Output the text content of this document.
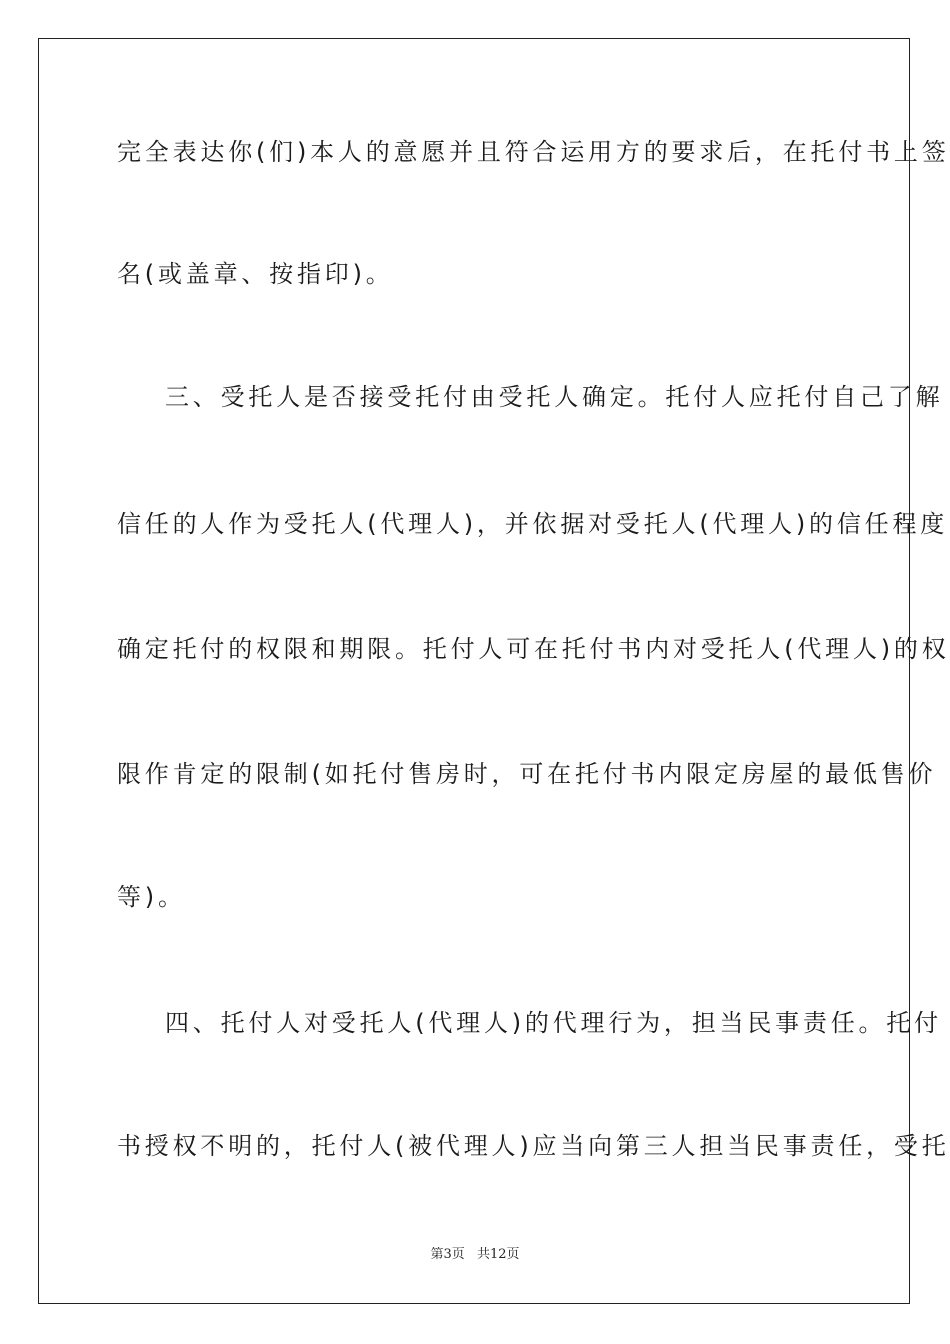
完全表达你(们)本人的意愿并且符合运用方的要求后，在托付书上签
名(或盖章、按指印)。
三、受托人是否接受托付由受托人确定。托付人应托付自己了解
信任的人作为受托人(代理人)，并依据对受托人(代理人)的信任程度
确定托付的权限和期限。托付人可在托付书内对受托人(代理人)的权
限作肯定的限制(如托付售房时，可在托付书内限定房屋的最低售价
等)。
四、托付人对受托人(代理人)的代理行为，担当民事责任。托付
书授权不明的，托付人(被代理人)应当向第三人担当民事责任，受托
第3页 共12页
